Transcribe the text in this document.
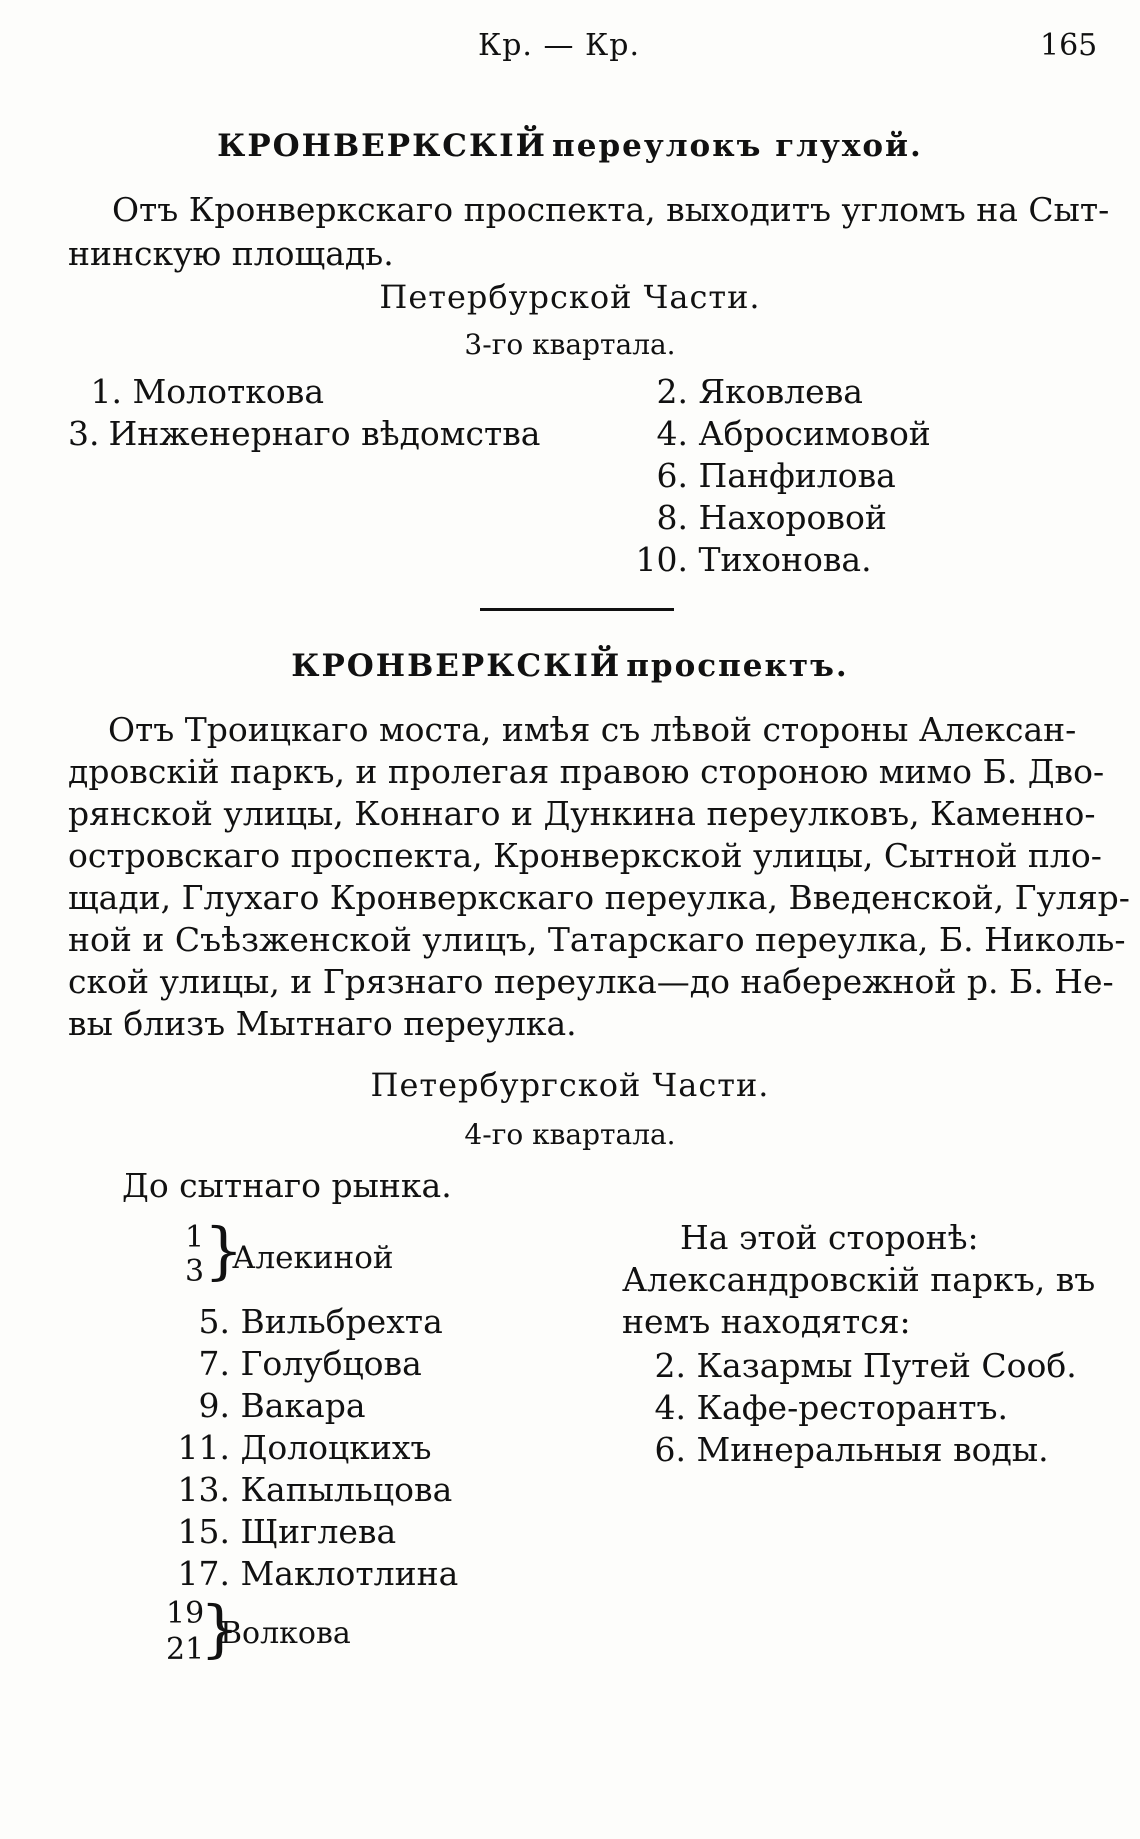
Кр. — Кр.	165
КРОНВЕРКСКІЙ переулокъ глухой.
Отъ Кронверкскаго проспекта, выходитъ угломъ на Сыт-
нинскую площадь.
Петербурской Части.
3-го квартала.
1. Молоткова
3. Инженернаго вѣдомства
2. Яковлева
4. Абросимовой
6. Панфилова
8. Нахоровой
10. Тихонова.
КРОНВЕРКСКІЙ проспектъ.
Отъ Троицкаго моста, имѣя съ лѣвой стороны Алексан-
дровскій паркъ, и пролегая правою стороною мимо Б. Дво-
рянской улицы, Коннаго и Дункина переулковъ, Каменно-
островскаго проспекта, Кронверкской улицы, Сытной пло-
щади, Глухаго Кронверкскаго переулка, Введенской, Гуляр-
ной и Съѣзженской улицъ, Татарскаго переулка, Б. Николь-
ской улицы, и Грязнаго переулка—до набережной р. Б. Не-
вы близъ Мытнаго переулка.
Петербургской Части.
4-го квартала.
До сытнаго рынка.
1
3 }
Алекиной
5. Вильбрехта
7. Голубцова
9. Вакара
11. Долоцкихъ
13. Капыльцова
15. Щиглева
17. Маклотлина
19
21
}
Волкова
На этой сторонѣ:
Александровскій паркъ, въ
немъ находятся:
2. Казармы Путей Сооб.
4. Кафе-ресторантъ.
6. Минеральныя воды.
